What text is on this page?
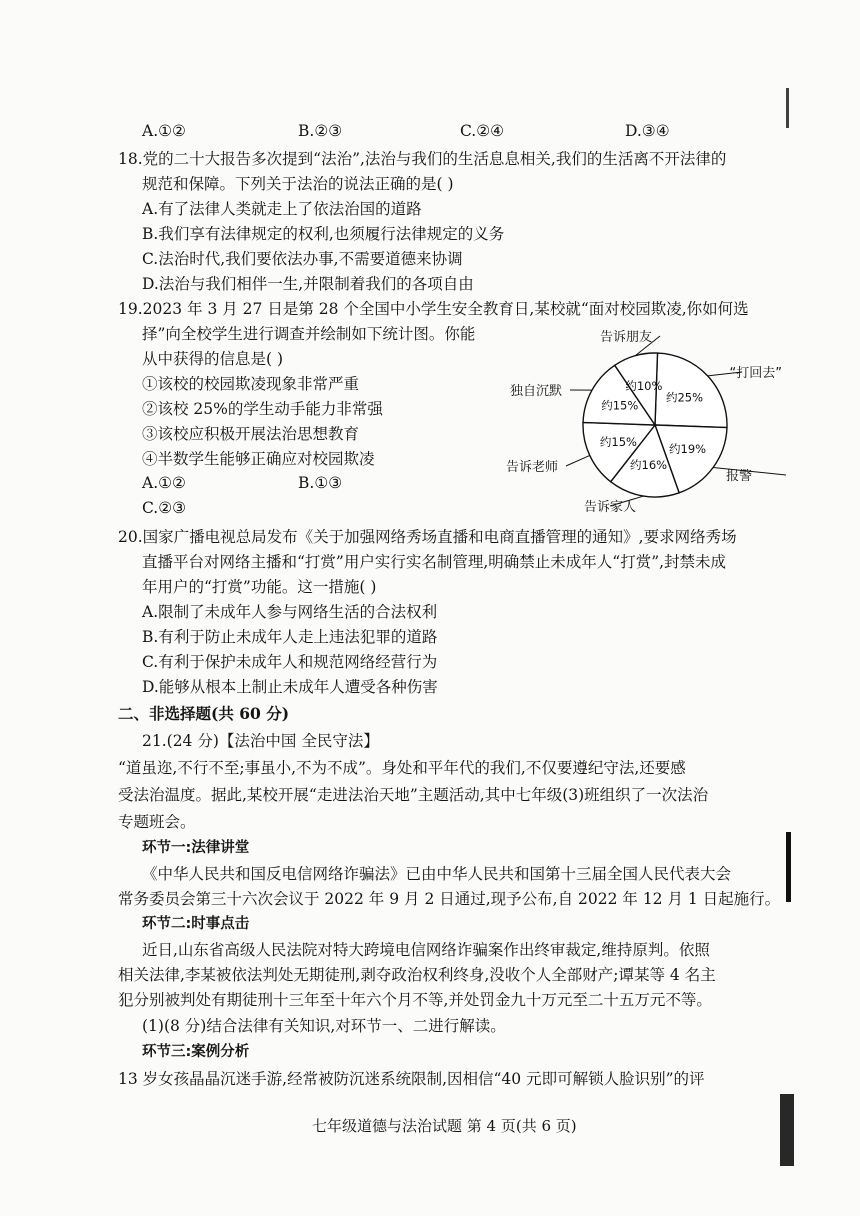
A.①②	B.②③	C.②④	D.③④
18.党的二十大报告多次提到“法治”,法治与我们的生活息息相关,我们的生活离不开法律的
规范和保障。下列关于法治的说法正确的是( )
A.有了法律人类就走上了依法治国的道路
B.我们享有法律规定的权利,也须履行法律规定的义务
C.法治时代,我们要依法办事,不需要道德来协调
D.法治与我们相伴一生,并限制着我们的各项自由
19.2023 年 3 月 27 日是第 28 个全国中小学生安全教育日,某校就“面对校园欺凌,你如何选
择”向全校学生进行调查并绘制如下统计图。你能
从中获得的信息是( )
①该校的校园欺凌现象非常严重
②该校 25%的学生动手能力非常强
③该校应积极开展法治思想教育
④半数学生能够正确应对校园欺凌
A.①②	B.①③
C.②③
约25%
“打回去”
约19%
报警
约16%
告诉家人
约15%
告诉老师
约15%
独自沉默	约10%
告诉朋友
20.国家广播电视总局发布《关于加强网络秀场直播和电商直播管理的通知》,要求网络秀场
直播平台对网络主播和“打赏”用户实行实名制管理,明确禁止未成年人“打赏”,封禁未成
年用户的“打赏”功能。这一措施( )
A.限制了未成年人参与网络生活的合法权利
B.有利于防止未成年人走上违法犯罪的道路
C.有利于保护未成年人和规范网络经营行为
D.能够从根本上制止未成年人遭受各种伤害
二、非选择题(共 60 分)
21.(24 分)【法治中国 全民守法】
“道虽迩,不行不至;事虽小,不为不成”。身处和平年代的我们,不仅要遵纪守法,还要感
受法治温度。据此,某校开展“走进法治天地”主题活动,其中七年级(3)班组织了一次法治
专题班会。
环节一:法律讲堂
《中华人民共和国反电信网络诈骗法》已由中华人民共和国第十三届全国人民代表大会
常务委员会第三十六次会议于 2022 年 9 月 2 日通过,现予公布,自 2022 年 12 月 1 日起施行。
环节二:时事点击
近日,山东省高级人民法院对特大跨境电信网络诈骗案作出终审裁定,维持原判。依照
相关法律,李某被依法判处无期徒刑,剥夺政治权利终身,没收个人全部财产;谭某等 4 名主
犯分别被判处有期徒刑十三年至十年六个月不等,并处罚金九十万元至二十五万元不等。
(1)(8 分)结合法律有关知识,对环节一、二进行解读。
环节三:案例分析
13 岁女孩晶晶沉迷手游,经常被防沉迷系统限制,因相信“40 元即可解锁人脸识别”的评
七年级道德与法治试题 第 4 页(共 6 页)
